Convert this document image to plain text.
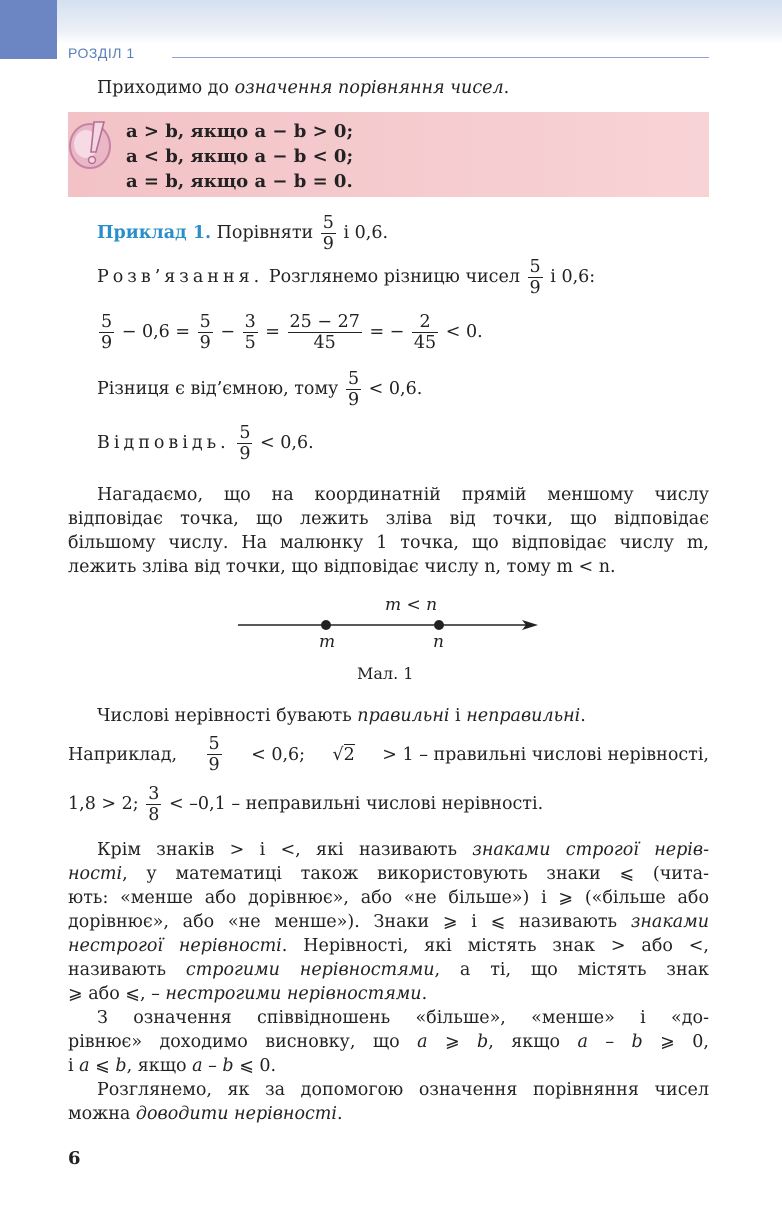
РОЗДІЛ 1
Приходимо до означення порівняння чисел.
a > b, якщо a − b > 0;
a < b, якщо a − b < 0;
a = b, якщо a − b = 0.
Приклад 1. Порівняти $\frac{5}{9}$ і 0,6.
Розв’язання. Розглянемо різницю чисел $\frac{5}{9}$ і 0,6:
$\frac{5}{9} - 0,6 = \frac{5}{9} - \frac{3}{5} = \frac{25 - 27}{45}$ = − $\frac{2}{45} < 0$.
Різниця є від’ємною, тому $\frac{5}{9} < 0,6$.
Відповідь. $\frac{5}{9} < 0,6$.
Нагадаємо, що на координатній прямій меншому числу
відповідає точка, що лежить зліва від точки, що відповідає
більшому числу. На малюнку 1 точка, що відповідає числу m,
лежить зліва від точки, що відповідає числу n, тому m < n.
m < n
m	n
Мал. 1
Числові нерівності бувають правильні і неправильні.
Наприклад, $\frac{5}{9} < 0,6$; √2 > 1 – правильні числові нерівності,
1,8 > 2; $\frac{3}{8} < -0,1$ – неправильні числові нерівності.
Крім знаків > і <, які називають знаками строгої нерів-
ності, у математиці також використовують знаки ⩽ (чита-
ють: «менше або дорівнює», або «не більше») і ⩾ («більше або
дорівнює», або «не менше»). Знаки ⩾ і ⩽ називають знаками
нестрогої нерівності. Нерівності, які містять знак > або <,
називають строгими нерівностями, а ті, що містять знак
⩾ або ⩽, – нестрогими нерівностями.
З означення співвідношень «більше», «менше» і «до-
рівнює» доходимо висновку, що a ⩾ b, якщо a – b ⩾ 0,
і a ⩽ b, якщо a – b ⩽ 0.
Розглянемо, як за допомогою означення порівняння чисел
можна доводити нерівності.
6
